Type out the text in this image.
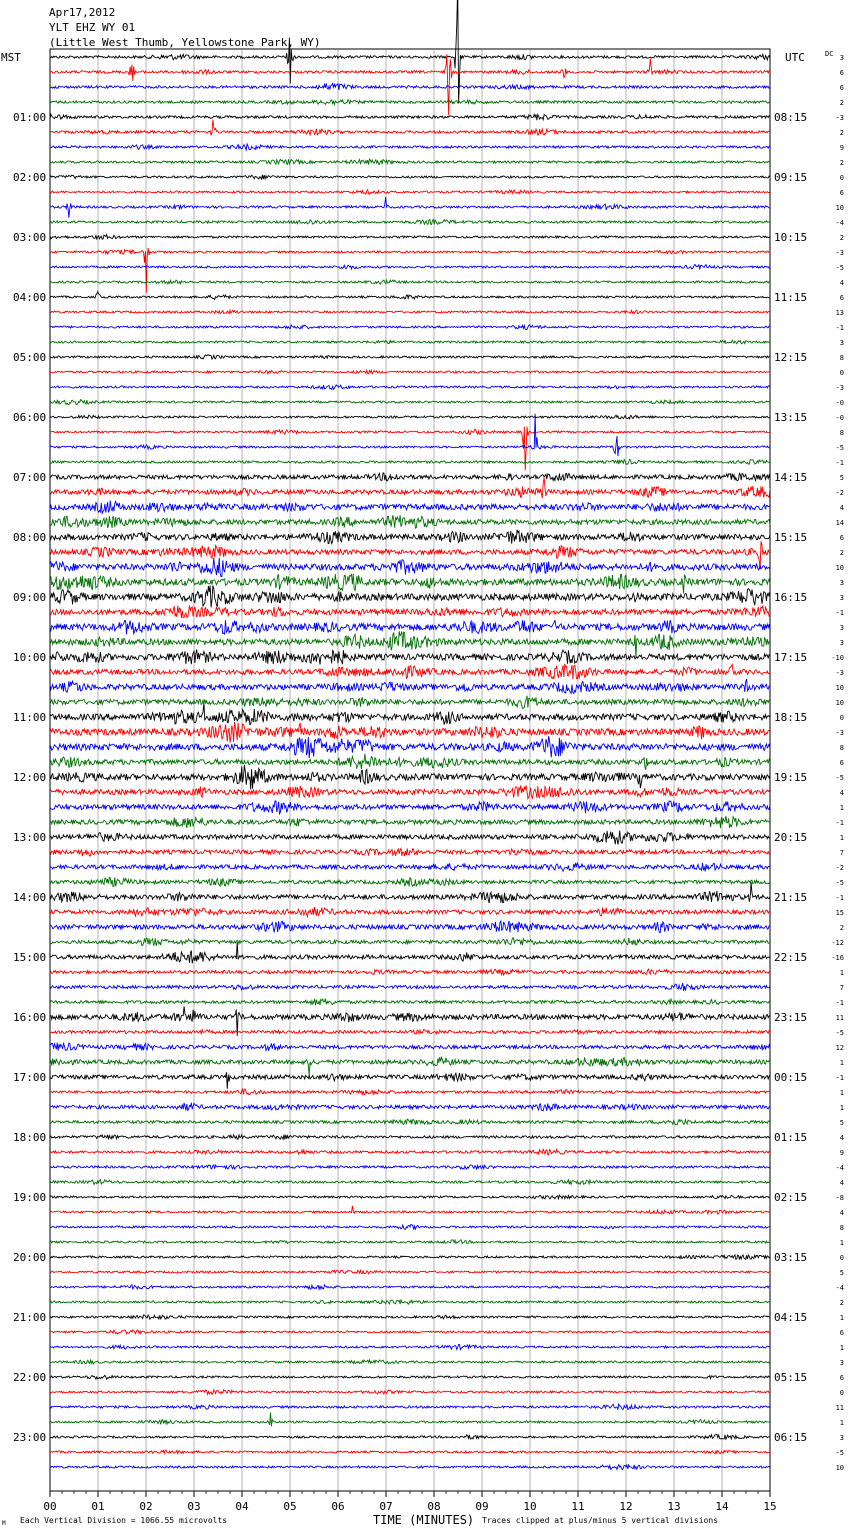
Apr17,2012
YLT EHZ WY 01
(Little West Thumb, Yellowstone Park, WY)
MST	UTC	DC
01:00
02:00
03:00
04:00
05:00
06:00
07:00
08:00
09:00
10:00
11:00
12:00
13:00
14:00
15:00
16:00
17:00
18:00
19:00
20:00
21:00
22:00
23:00
08:15
09:15
10:15
11:15
12:15
13:15
14:15
15:15
16:15
17:15
18:15
19:15
20:15
21:15
22:15
23:15
00:15
01:15
02:15
03:15
04:15
05:15
06:15
3
6
6
2
-3
2
9
2
0
6
10
-4
2
-3
-5
4
6
13
-1
3
8
0
-3
-0
-0
8
-5
-1
5
-2
4
14
6
2
10
3
3
-1
3
3
-10
-3
10
10
0
-3
8
6
-5
4
1
-1
1
7
-2
-5
-1
15
2
-12
-16
1
7
-1
11
-5
12
1
-1
1
1
5
4
9
-4
4
-8
4
8
1
0
5
-4
2
1
6
1
3
6
0
11
1
3
-5
10
00	01	02	03	04	05	06	07	08	09	10	11	12	13	14	15
M Each Vertical Division = 1066.55 microvolts	TIME (MINUTES) Traces clipped at plus/minus 5 vertical divisions
